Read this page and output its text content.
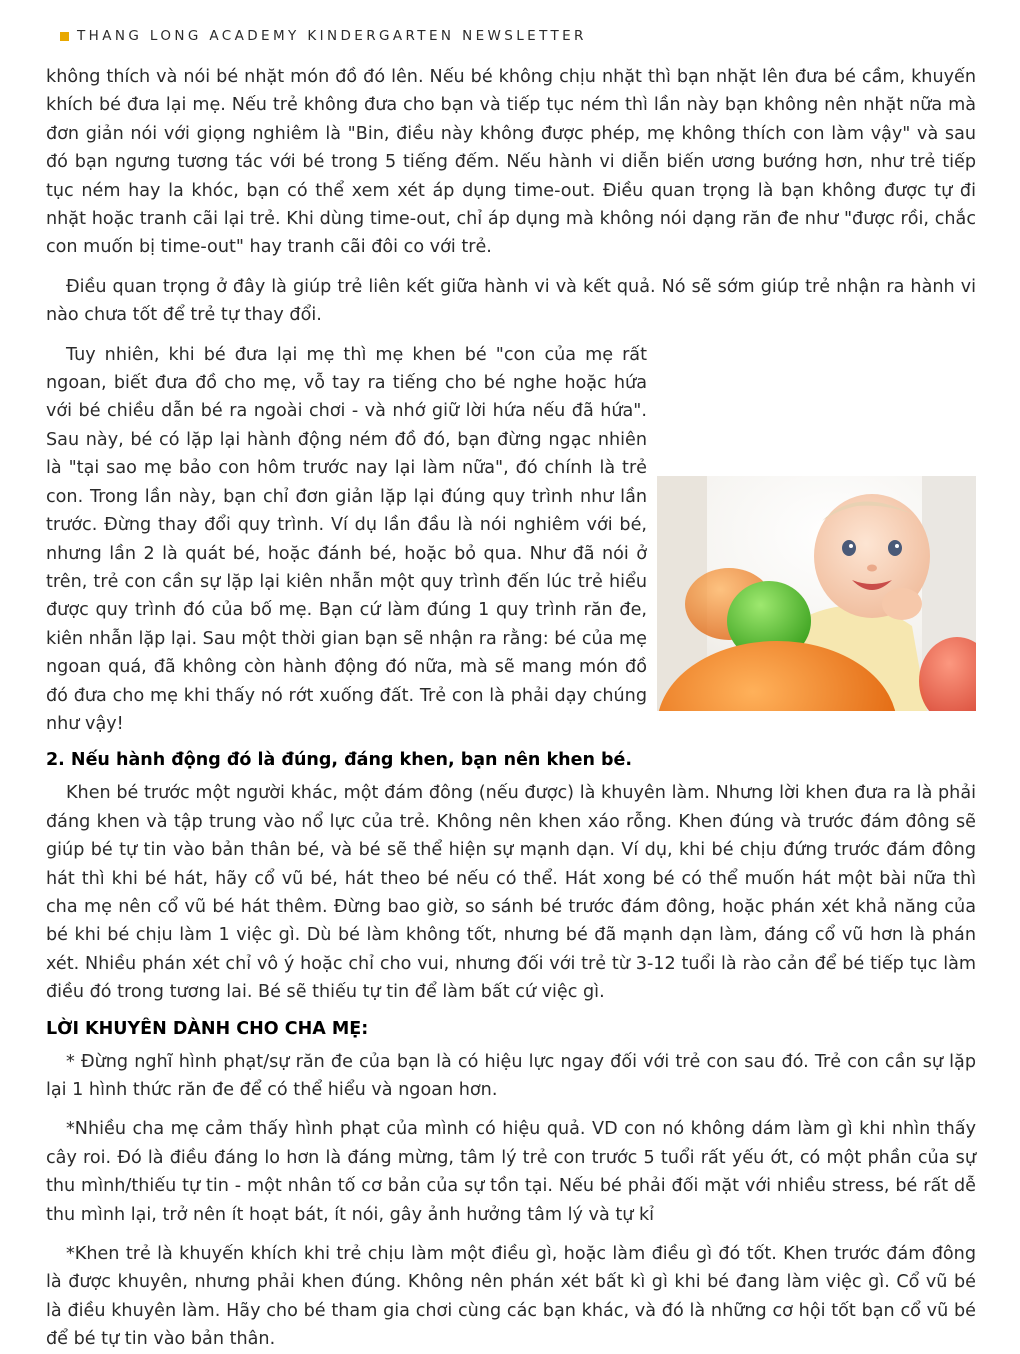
THANG LONG ACADEMY KINDERGARTEN NEWSLETTER

không thích và nói bé nhặt món đồ đó lên. Nếu bé không chịu nhặt thì bạn nhặt lên đưa bé cầm, khuyến khích bé đưa lại mẹ. Nếu trẻ không đưa cho bạn và tiếp tục ném thì lần này bạn không nên nhặt nữa mà đơn giản nói với giọng nghiêm là "Bin, điều này không được phép, mẹ không thích con làm vậy" và sau đó bạn ngưng tương tác với bé trong 5 tiếng đếm. Nếu hành vi diễn biến ương bướng hơn, như trẻ tiếp tục ném hay la khóc, bạn có thể xem xét áp dụng time-out. Điều quan trọng là bạn không được tự đi nhặt hoặc tranh cãi lại trẻ. Khi dùng time-out, chỉ áp dụng mà không nói dạng răn đe như "được rồi, chắc con muốn bị time-out" hay tranh cãi đôi co với trẻ.

Điều quan trọng ở đây là giúp trẻ liên kết giữa hành vi và kết quả. Nó sẽ sớm giúp trẻ nhận ra hành vi nào chưa tốt để trẻ tự thay đổi.

Tuy nhiên, khi bé đưa lại mẹ thì mẹ khen bé "con của mẹ rất ngoan, biết đưa đồ cho mẹ, vỗ tay ra tiếng cho bé nghe hoặc hứa với bé chiều dẫn bé ra ngoài chơi - và nhớ giữ lời hứa nếu đã hứa". Sau này, bé có lặp lại hành động ném đồ đó, bạn đừng ngạc nhiên là "tại sao mẹ bảo con hôm trước nay lại làm nữa", đó chính là trẻ con. Trong lần này, bạn chỉ đơn giản lặp lại đúng quy trình như lần trước. Đừng thay đổi quy trình. Ví dụ lần đầu là nói nghiêm với bé, nhưng lần 2 là quát bé, hoặc đánh bé, hoặc bỏ qua. Như đã nói ở trên, trẻ con cần sự lặp lại kiên nhẫn một quy trình đến lúc trẻ hiểu được quy trình đó của bố mẹ. Bạn cứ làm đúng 1 quy trình răn đe, kiên nhẫn lặp lại. Sau một thời gian bạn sẽ nhận ra rằng: bé của mẹ ngoan quá, đã không còn hành động đó nữa, mà sẽ mang món đồ đó đưa cho mẹ khi thấy nó rớt xuống đất. Trẻ con là phải dạy chúng như vậy!

2. Nếu hành động đó là đúng, đáng khen, bạn nên khen bé.

Khen bé trước một người khác, một đám đông (nếu được) là khuyên làm. Nhưng lời khen đưa ra là phải đáng khen và tập trung vào nổ lực của trẻ. Không nên khen xáo rỗng. Khen đúng và trước đám đông sẽ giúp bé tự tin vào bản thân bé, và bé sẽ thể hiện sự mạnh dạn. Ví dụ, khi bé chịu đứng trước đám đông hát thì khi bé hát, hãy cổ vũ bé, hát theo bé nếu có thể. Hát xong bé có thể muốn hát một bài nữa thì cha mẹ nên cổ vũ bé hát thêm. Đừng bao giờ, so sánh bé trước đám đông, hoặc phán xét khả năng của bé khi bé chịu làm 1 việc gì. Dù bé làm không tốt, nhưng bé đã mạnh dạn làm, đáng cổ vũ hơn là phán xét. Nhiều phán xét chỉ vô ý hoặc chỉ cho vui, nhưng đối với trẻ từ 3-12 tuổi là rào cản để bé tiếp tục làm điều đó trong tương lai. Bé sẽ thiếu tự tin để làm bất cứ việc gì.

LỜI KHUYÊN DÀNH CHO CHA MẸ:

* Đừng nghĩ hình phạt/sự răn đe của bạn là có hiệu lực ngay đối với trẻ con sau đó. Trẻ con cần sự lặp lại 1 hình thức răn đe để có thể hiểu và ngoan hơn.

*Nhiều cha mẹ cảm thấy hình phạt của mình có hiệu quả. VD con nó không dám làm gì khi nhìn thấy cây roi. Đó là điều đáng lo hơn là đáng mừng, tâm lý trẻ con trước 5 tuổi rất yếu ớt, có một phần của sự thu mình/thiếu tự tin - một nhân tố cơ bản của sự tồn tại. Nếu bé phải đối mặt với nhiều stress, bé rất dễ thu mình lại, trở nên ít hoạt bát, ít nói, gây ảnh hưởng tâm lý và tự kỉ

*Khen trẻ là khuyến khích khi trẻ chịu làm một điều gì, hoặc làm điều gì đó tốt. Khen trước đám đông là được khuyên, nhưng phải khen đúng. Không nên phán xét bất kì gì khi bé đang làm việc gì. Cổ vũ bé là điều khuyên làm. Hãy cho bé tham gia chơi cùng các bạn khác, và đó là những cơ hội tốt bạn cổ vũ bé để bé tự tin vào bản thân.
